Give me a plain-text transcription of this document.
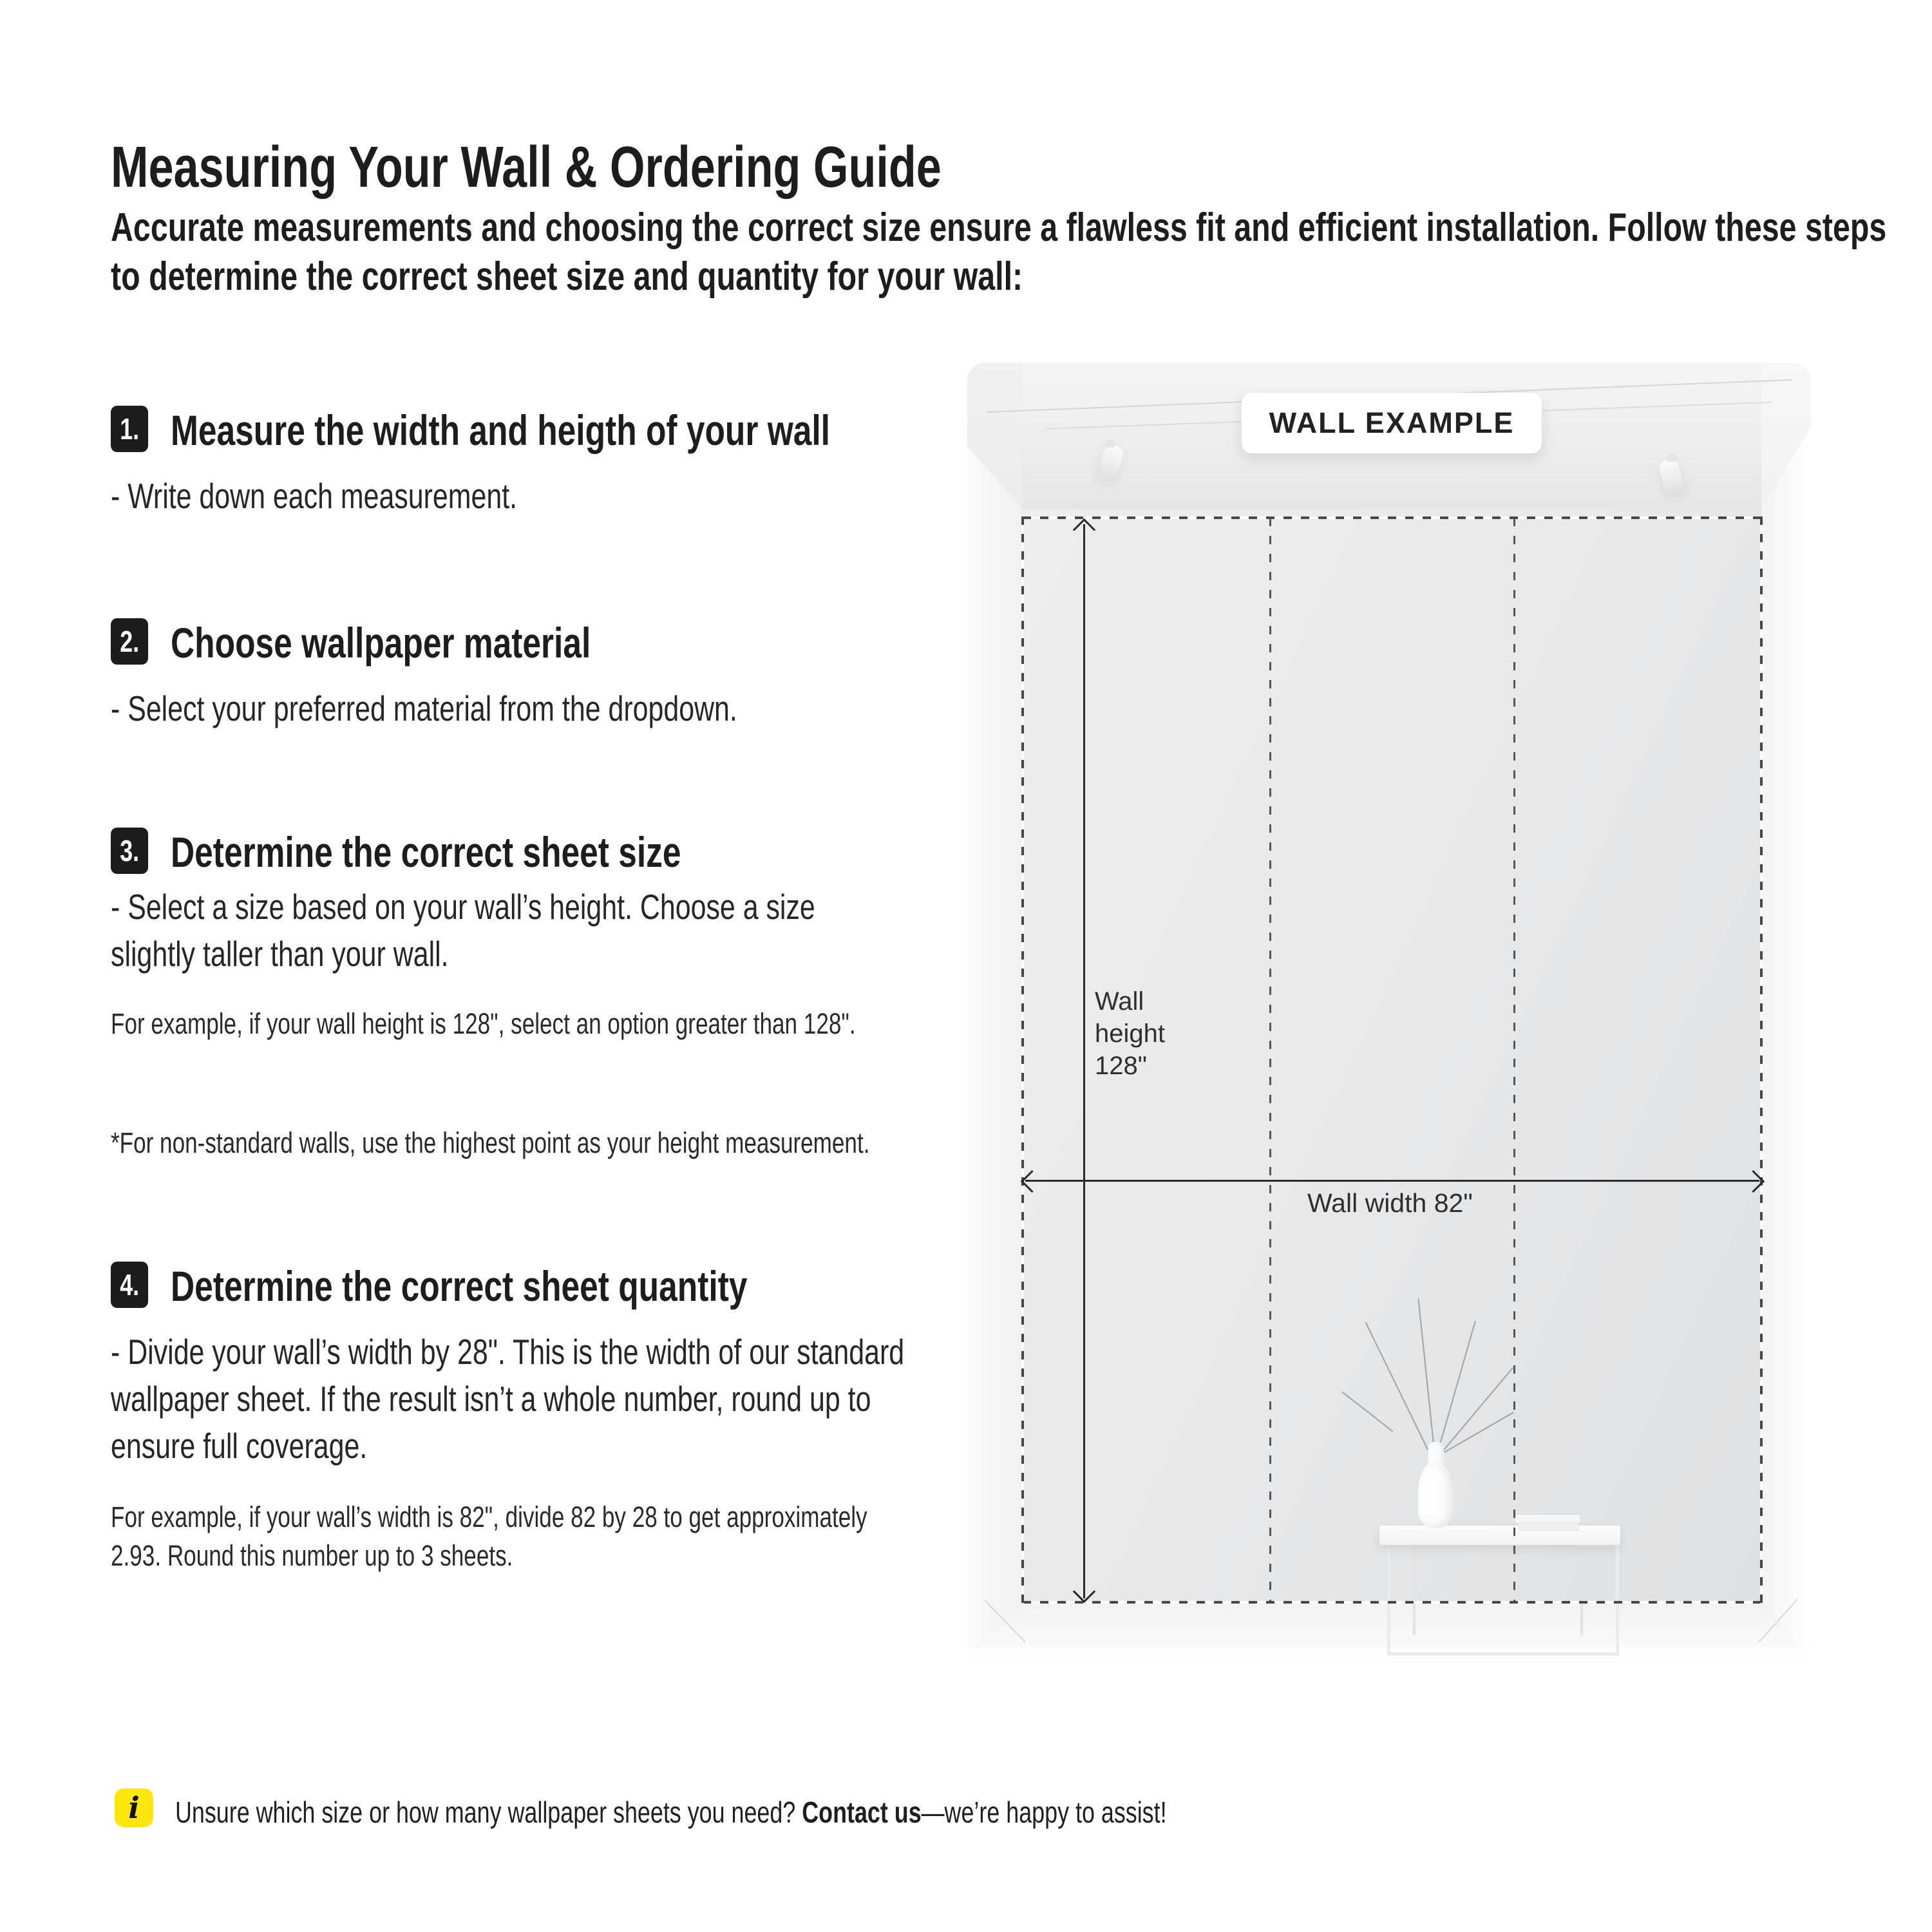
Measuring Your Wall & Ordering Guide

Accurate measurements and choosing the correct size ensure a flawless fit and efficient installation. Follow these steps to determine the correct sheet size and quantity for your wall:

1. Measure the width and heigth of your wall
- Write down each measurement.
2. Choose wallpaper material
- Select your preferred material from the dropdown.
3. Determine the correct sheet size
- Select a size based on your wall’s height. Choose a size slightly taller than your wall.
For example, if your wall height is 128", select an option greater than 128".
*For non-standard walls, use the highest point as your height measurement.
4. Determine the correct sheet quantity
- Divide your wall’s width by 28". This is the width of our standard wallpaper sheet. If the result isn’t a whole number, round up to ensure full coverage.
For example, if your wall’s width is 82", divide 82 by 28 to get approximately 2.93. Round this number up to 3 sheets.
WALL EXAMPLE
Wall
height
128"
Wall width 82"
i Unsure which size or how many wallpaper sheets you need? Contact us—we’re happy to assist!
